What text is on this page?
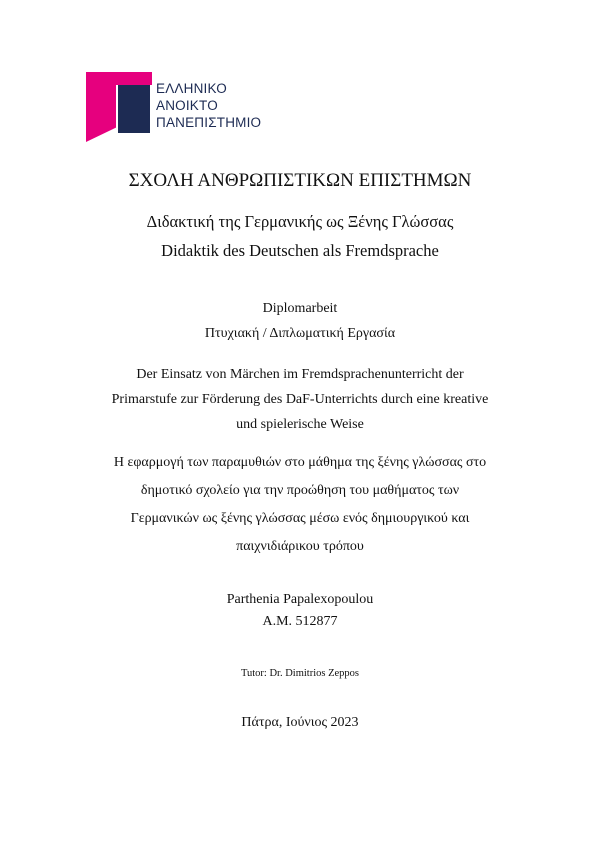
ΕΛΛΗΝΙΚΟ
ΑΝΟΙΚΤΟ
ΠΑΝΕΠΙΣΤΗΜΙΟ
ΣΧΟΛΗ ΑΝΘΡΩΠΙΣΤΙΚΩΝ ΕΠΙΣΤΗΜΩΝ
Διδακτική της Γερμανικής ως Ξένης Γλώσσας
Didaktik des Deutschen als Fremdsprache
Diplomarbeit
Πτυχιακή / Διπλωματική Εργασία
Der Einsatz von Märchen im Fremdsprachenunterricht der
Primarstufe zur Förderung des DaF-Unterrichts durch eine kreative
und spielerische Weise
Η εφαρμογή των παραμυθιών στο μάθημα της ξένης γλώσσας στο
δημοτικό σχολείο για την προώθηση του μαθήματος των
Γερμανικών ως ξένης γλώσσας μέσω ενός δημιουργικού και
παιχνιδιάρικου τρόπου
Parthenia Papalexopoulou
A.M. 512877
Tutor: Dr. Dimitrios Zeppos
Πάτρα, Ιούνιος 2023
